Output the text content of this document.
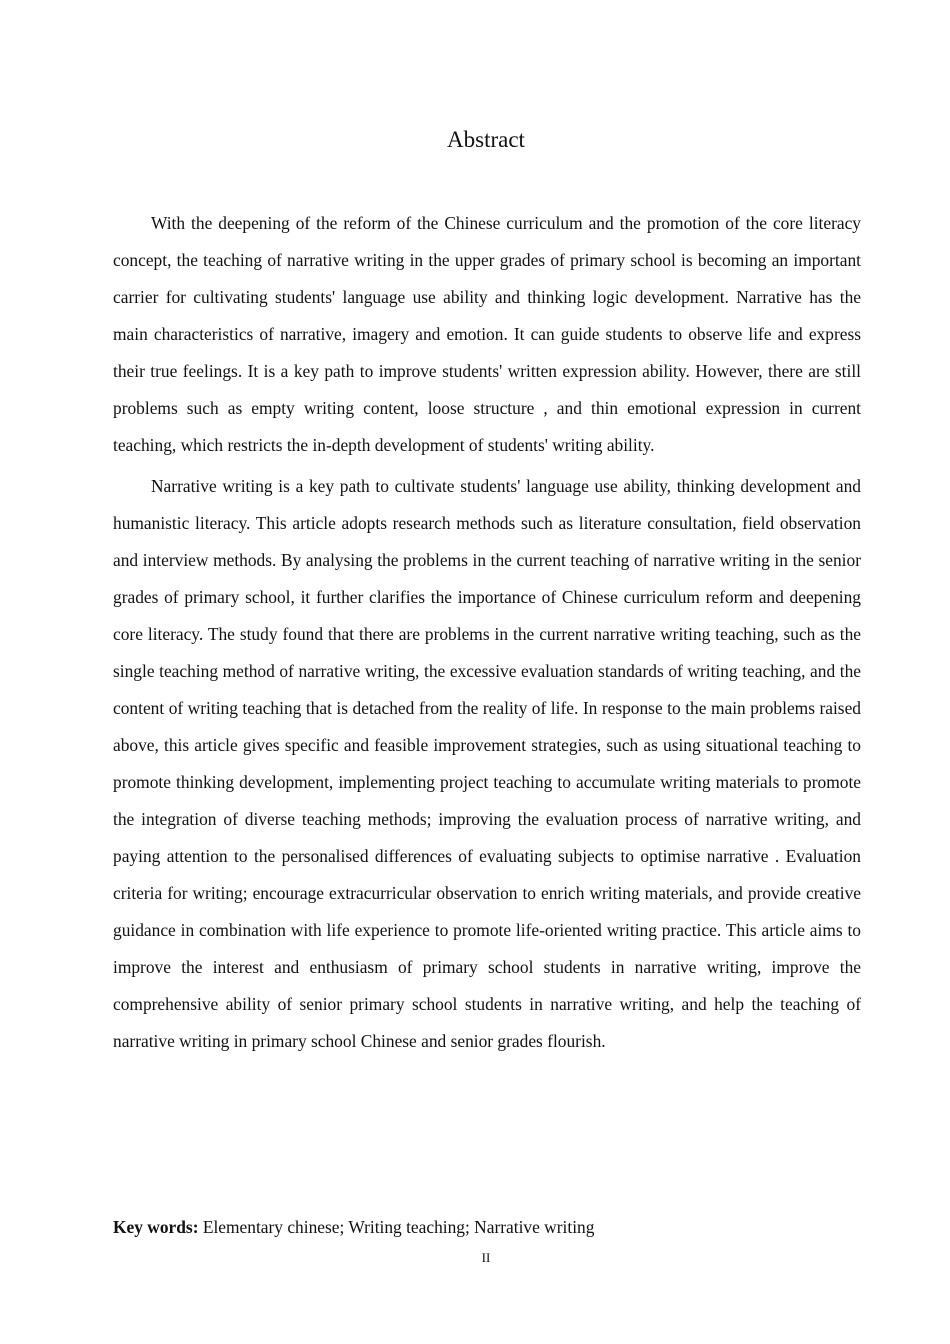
Abstract

With the deepening of the reform of the Chinese curriculum and the promotion of the core literacy concept, the teaching of narrative writing in the upper grades of primary school is becoming an important carrier for cultivating students' language use ability and thinking logic development. Narrative has the main characteristics of narrative, imagery and emotion. It can guide students to observe life and express their true feelings. It is a key path to improve students' written expression ability. However, there are still problems such as empty writing content, loose structure , and thin emotional expression in current teaching, which restricts the in-depth development of students' writing ability.

Narrative writing is a key path to cultivate students' language use ability, thinking development and humanistic literacy. This article adopts research methods such as literature consultation, field observation and interview methods. By analysing the problems in the current teaching of narrative writing in the senior grades of primary school, it further clarifies the importance of Chinese curriculum reform and deepening core literacy. The study found that there are problems in the current narrative writing teaching, such as the single teaching method of narrative writing, the excessive evaluation standards of writing teaching, and the content of writing teaching that is detached from the reality of life. In response to the main problems raised above, this article gives specific and feasible improvement strategies, such as using situational teaching to promote thinking development, implementing project teaching to accumulate writing materials to promote the integration of diverse teaching methods; improving the evaluation process of narrative writing, and paying attention to the personalised differences of evaluating subjects to optimise narrative . Evaluation criteria for writing; encourage extracurricular observation to enrich writing materials, and provide creative guidance in combination with life experience to promote life-oriented writing practice. This article aims to improve the interest and enthusiasm of primary school students in narrative writing, improve the comprehensive ability of senior primary school students in narrative writing, and help the teaching of narrative writing in primary school Chinese and senior grades flourish.

Key words: Elementary chinese; Writing teaching; Narrative writing
II
